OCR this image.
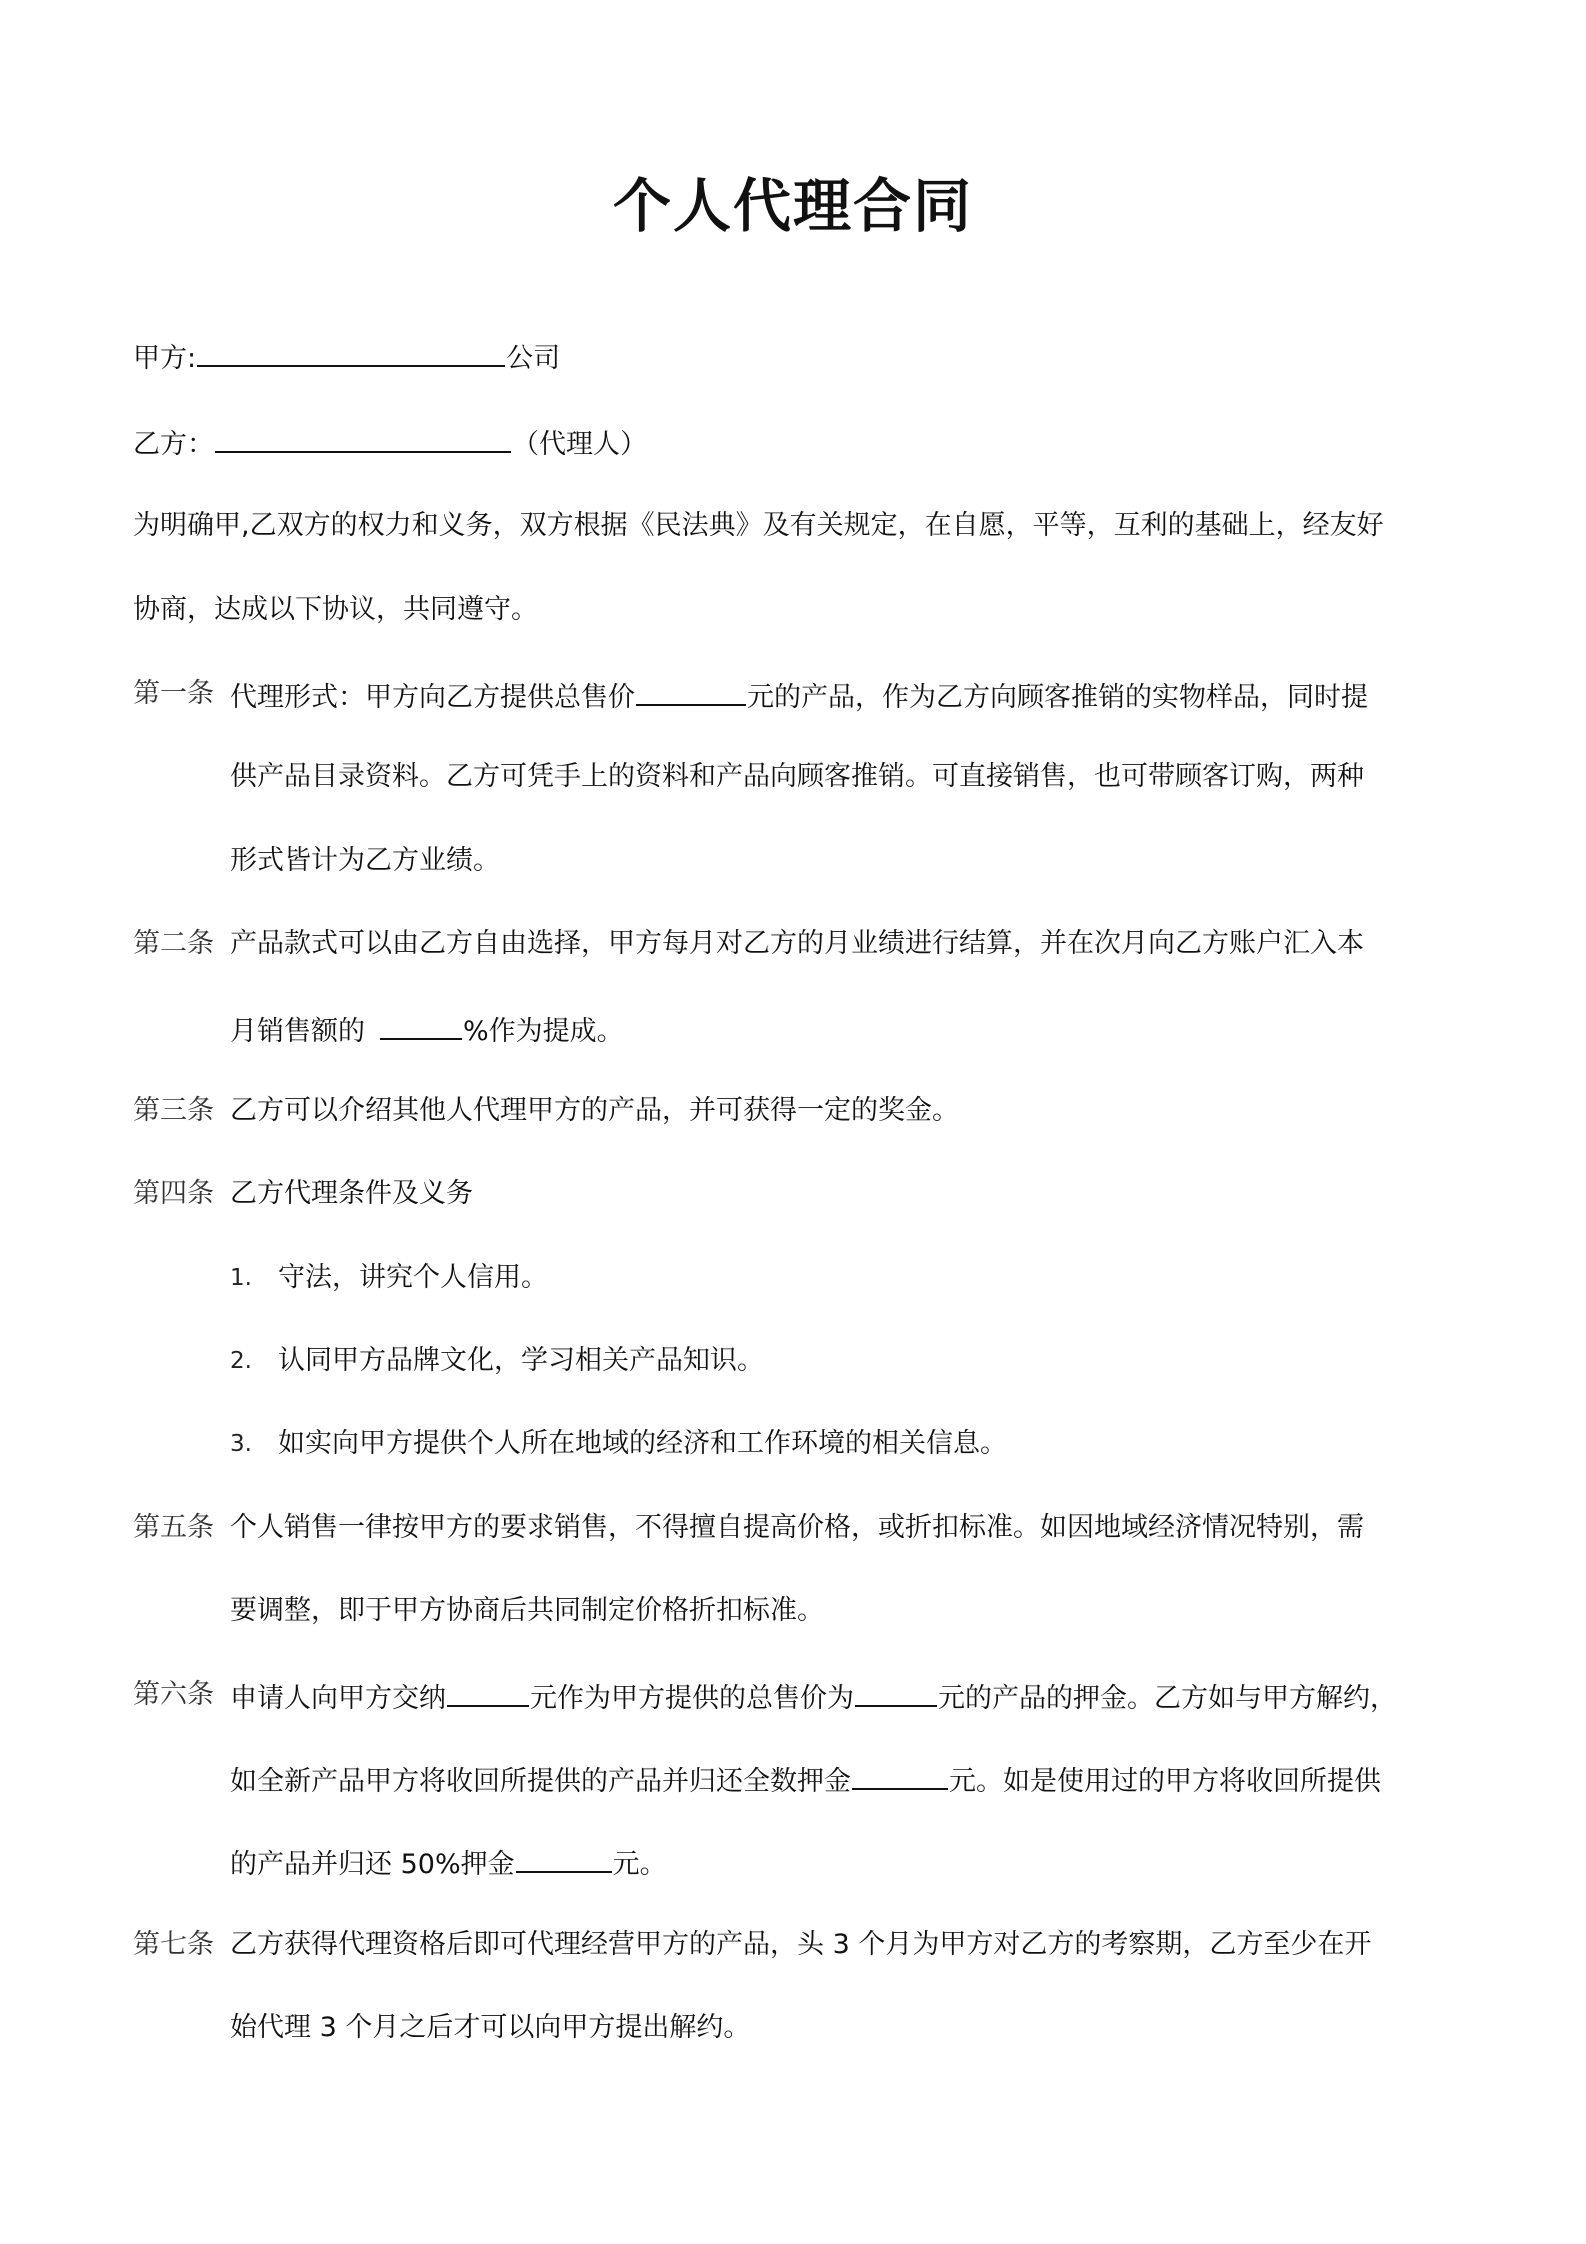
个人代理合同
甲方:	公司
乙方：	（代理人）
为明确甲,乙双方的权力和义务，双方根据《民法典》及有关规定，在自愿，平等，互利的基础上，经友好
协商，达成以下协议，共同遵守。
第一条 代理形式：甲方向乙方提供总售价	元的产品，作为乙方向顾客推销的实物样品，同时提
供产品目录资料。乙方可凭手上的资料和产品向顾客推销。可直接销售，也可带顾客订购，两种
形式皆计为乙方业绩。
第二条 产品款式可以由乙方自由选择，甲方每月对乙方的月业绩进行结算，并在次月向乙方账户汇入本
月销售额的	%作为提成。
第三条 乙方可以介绍其他人代理甲方的产品，并可获得一定的奖金。
第四条 乙方代理条件及义务
1. 守法，讲究个人信用。
2. 认同甲方品牌文化，学习相关产品知识。
3. 如实向甲方提供个人所在地域的经济和工作环境的相关信息。
第五条 个人销售一律按甲方的要求销售，不得擅自提高价格，或折扣标准。如因地域经济情况特别，需
要调整，即于甲方协商后共同制定价格折扣标准。
第六条 申请人向甲方交纳	元作为甲方提供的总售价为	元的产品的押金。乙方如与甲方解约，
如全新产品甲方将收回所提供的产品并归还全数押金	元。如是使用过的甲方将收回所提供
的产品并归还 50%押金	元。
第七条 乙方获得代理资格后即可代理经营甲方的产品，头 3 个月为甲方对乙方的考察期，乙方至少在开
始代理 3 个月之后才可以向甲方提出解约。
